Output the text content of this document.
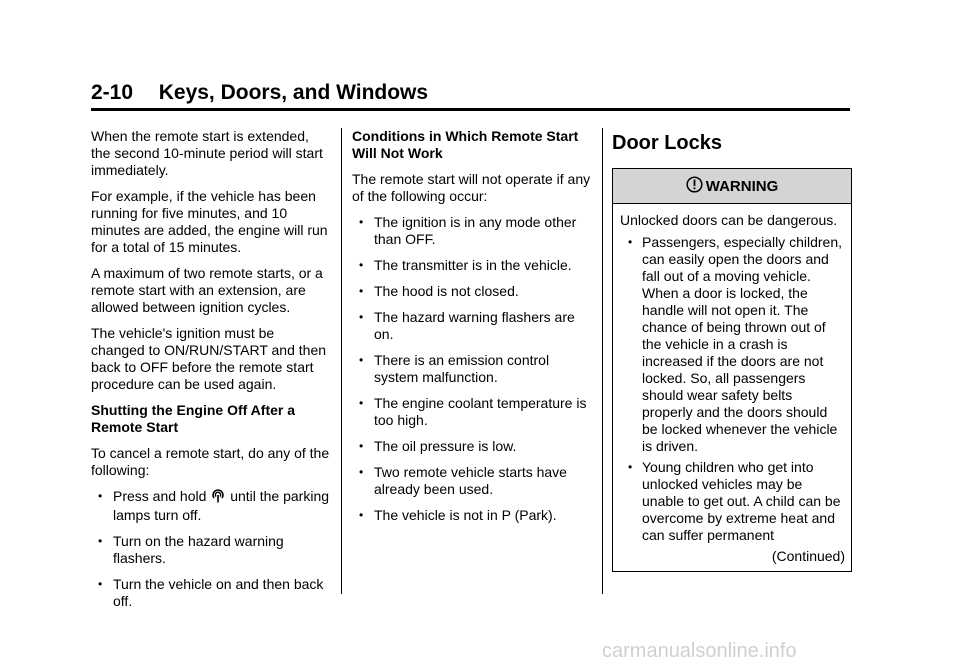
2-10 Keys, Doors, and Windows

When the remote start is extended, the second 10-minute period will start immediately.

For example, if the vehicle has been running for five minutes, and 10 minutes are added, the engine will run for a total of 15 minutes.

A maximum of two remote starts, or a remote start with an extension, are allowed between ignition cycles.

The vehicle's ignition must be changed to ON/RUN/START and then back to OFF before the remote start procedure can be used again.

Shutting the Engine Off After a Remote Start

To cancel a remote start, do any of the following:

• Press and hold until the parking lamps turn off.
• Turn on the hazard warning flashers.
• Turn the vehicle on and then back off.

Conditions in Which Remote Start Will Not Work

The remote start will not operate if any of the following occur:

• The ignition is in any mode other than OFF.
• The transmitter is in the vehicle.
• The hood is not closed.
• The hazard warning flashers are on.
• There is an emission control system malfunction.
• The engine coolant temperature is too high.
• The oil pressure is low.
• Two remote vehicle starts have already been used.
• The vehicle is not in P (Park).
Door Locks
WARNING

Unlocked doors can be dangerous.

• Passengers, especially children, can easily open the doors and fall out of a moving vehicle. When a door is locked, the handle will not open it. The chance of being thrown out of the vehicle in a crash is increased if the doors are not locked. So, all passengers should wear safety belts properly and the doors should be locked whenever the vehicle is driven.
• Young children who get into unlocked vehicles may be unable to get out. A child can be overcome by extreme heat and can suffer permanent
(Continued)
carmanualsonline.info
